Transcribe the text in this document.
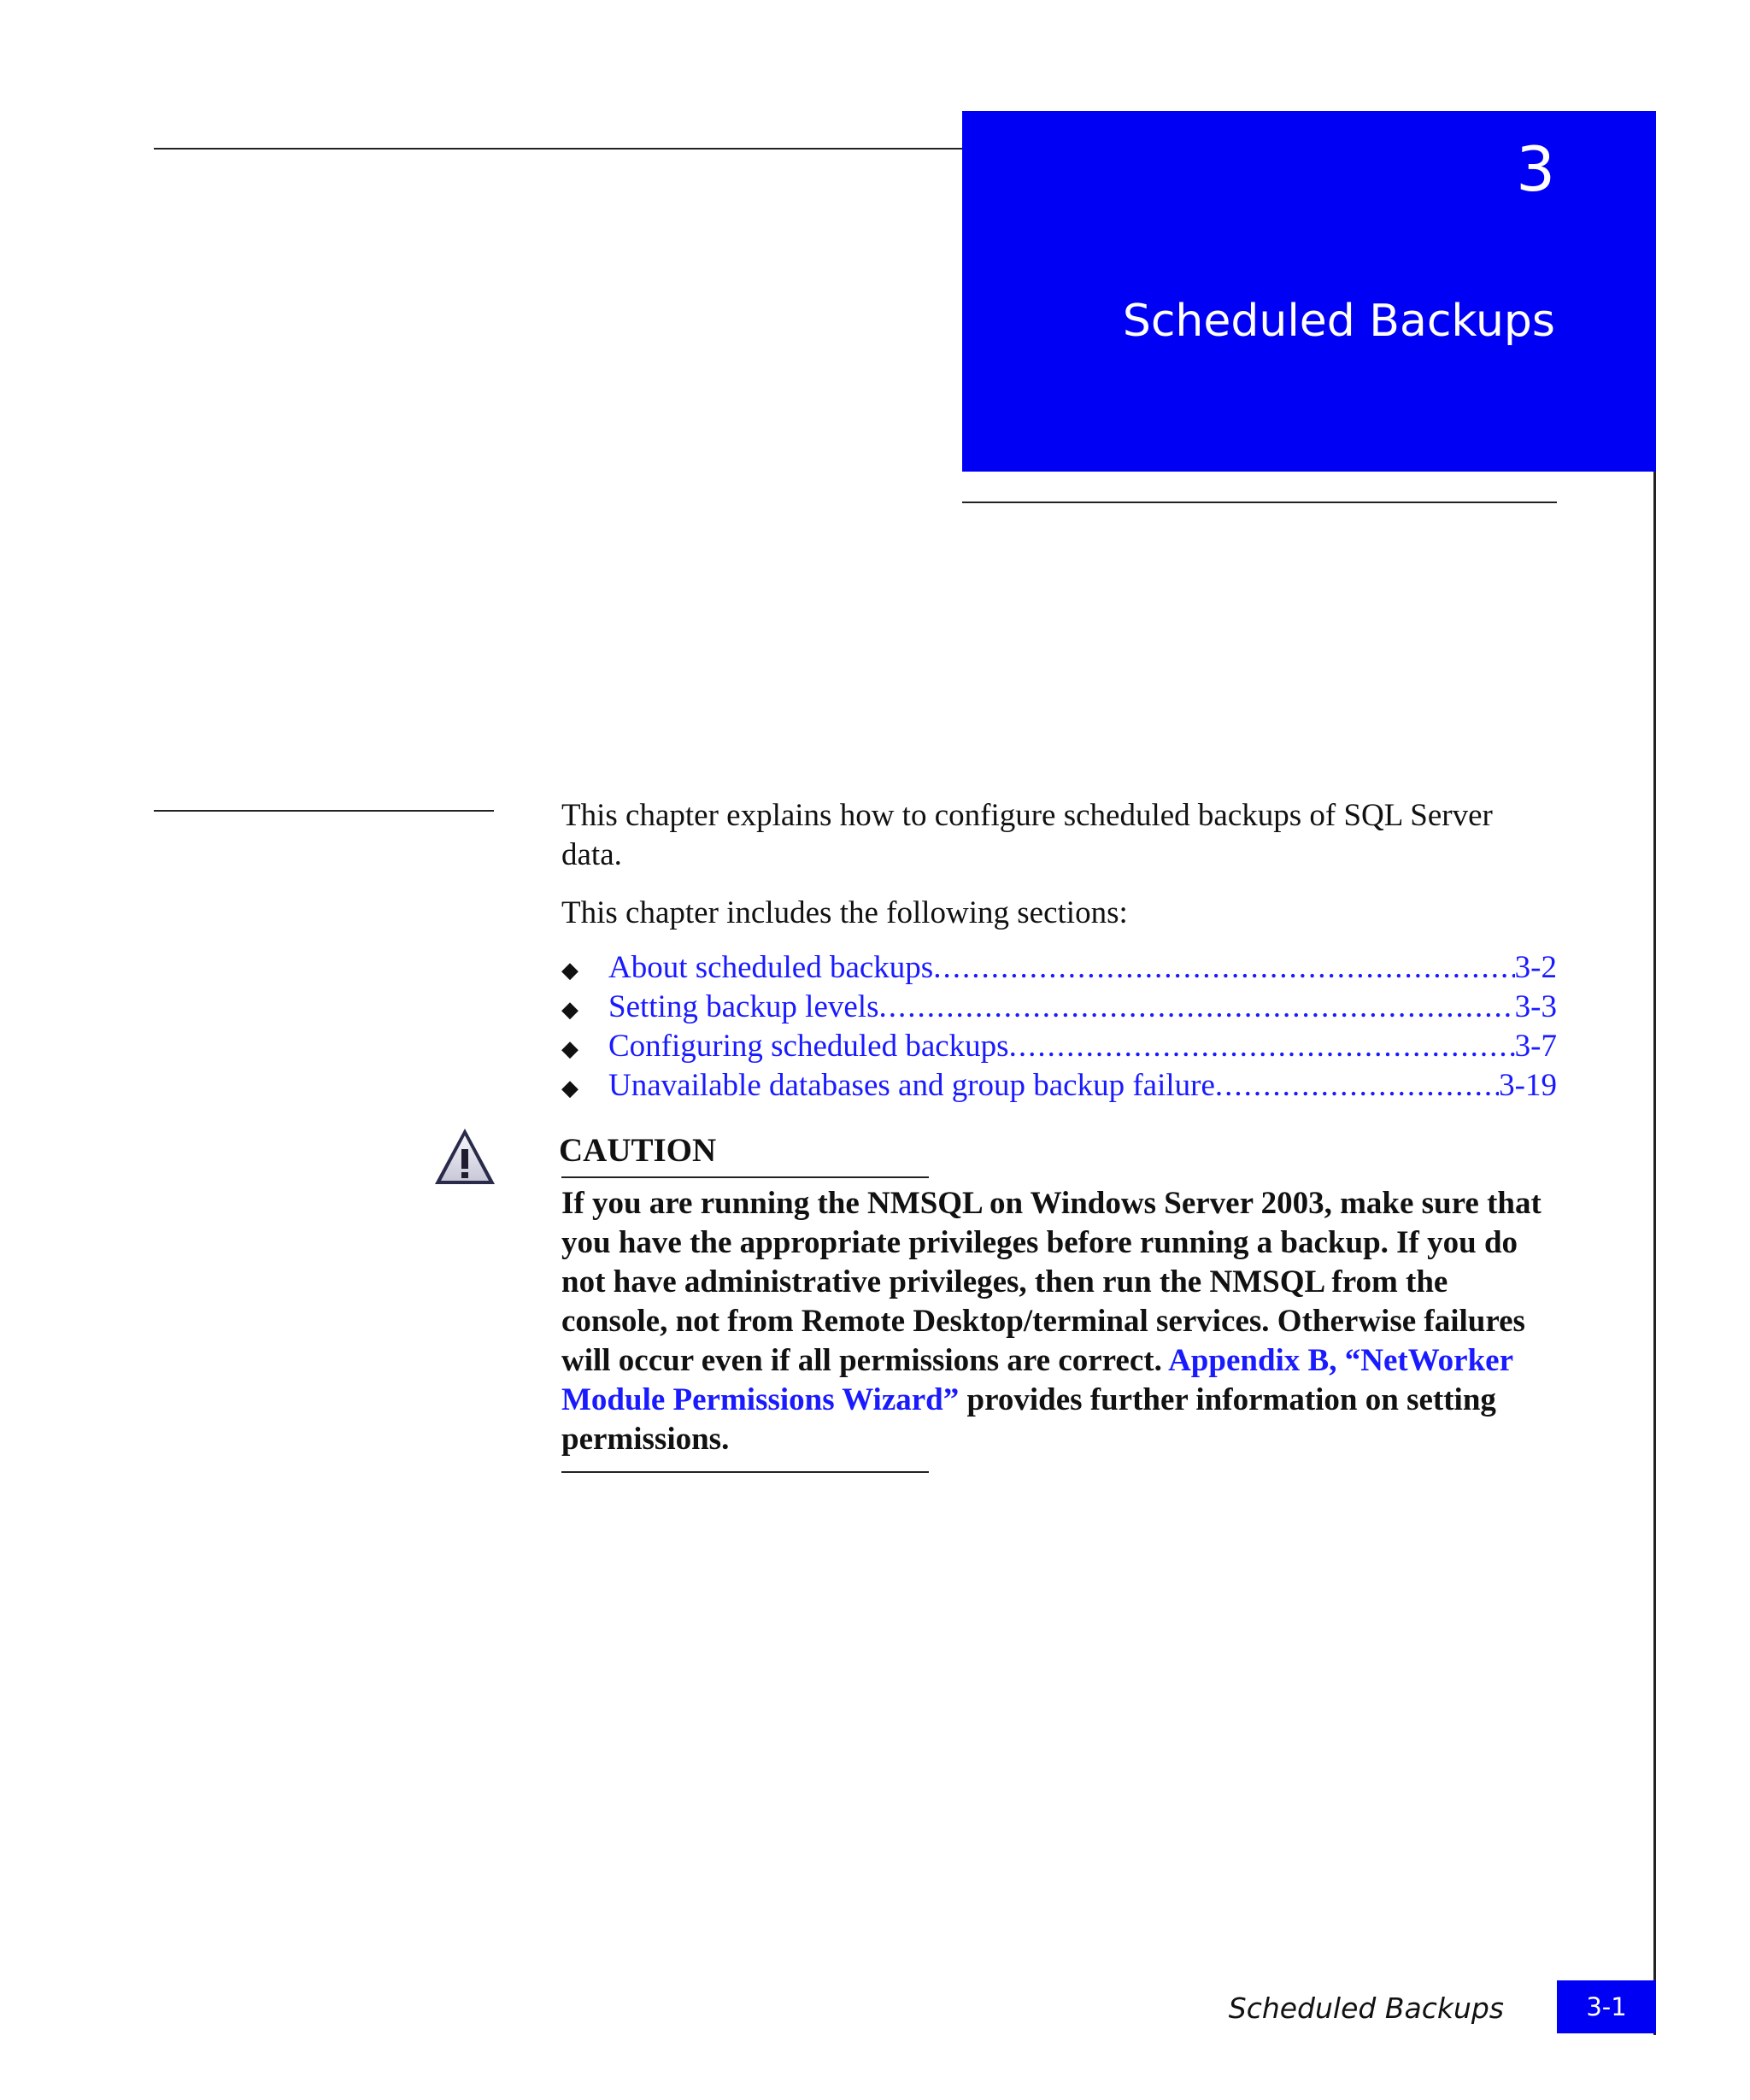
3
Scheduled Backups

This chapter explains how to configure scheduled backups of SQL Server data.

This chapter includes the following sections:

◆ About scheduled backups .....	3-2
◆ Setting backup levels .....	3-3
◆ Configuring scheduled backups .....	3-7
◆ Unavailable databases and group backup failure .....	3-19
CAUTION
If you are running the NMSQL on Windows Server 2003, make sure that you have the appropriate privileges before running a backup. If you do not have administrative privileges, then run the NMSQL from the console, not from Remote Desktop/terminal services. Otherwise failures will occur even if all permissions are correct. Appendix B, “NetWorker Module Permissions Wizard” provides further information on setting permissions.
Scheduled Backups	3-1
